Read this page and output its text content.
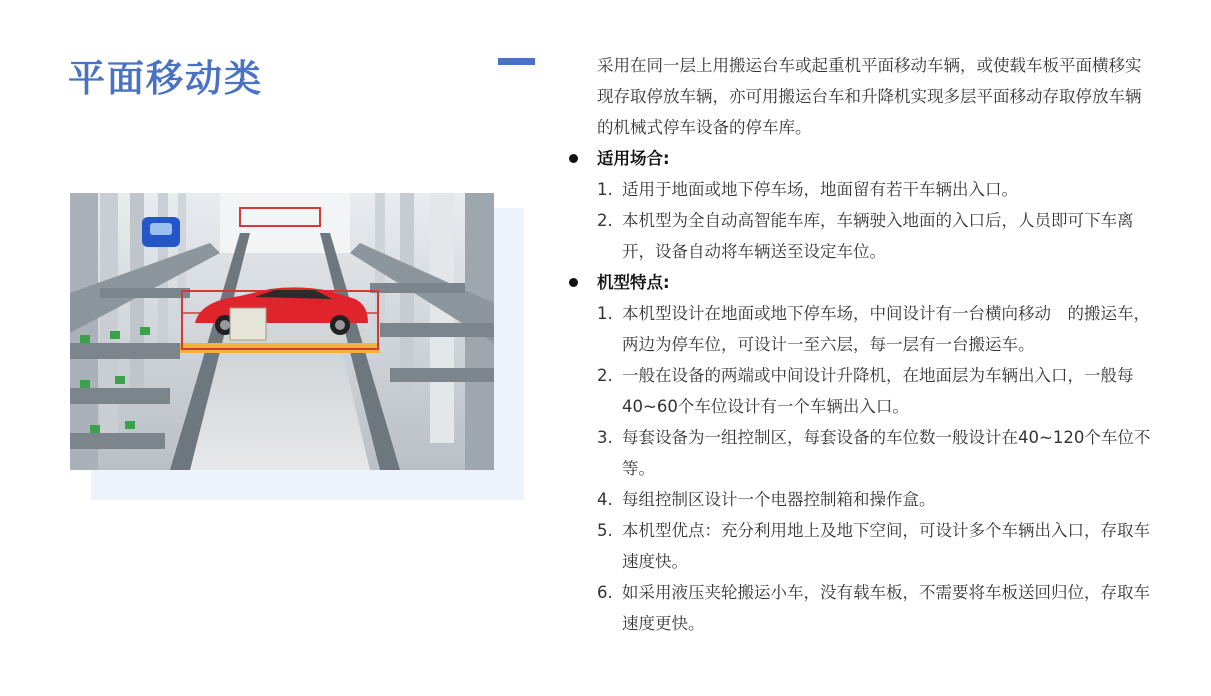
平面移动类	采用在同一层上用搬运台车或起重机平面移动车辆，或使载车板平面横移实现存取停放车辆，亦可用搬运台车和升降机实现多层平面移动存取停放车辆的机械式停车设备的停车库。

适用场合:

1. 适用于地面或地下停车场，地面留有若干车辆出入口。

2. 本机型为全自动高智能车库，车辆驶入地面的入口后，人员即可下车离开，设备自动将车辆送至设定车位。

机型特点:

1. 本机型设计在地面或地下停车场，中间设计有一台横向移动　的搬运车，两边为停车位，可设计一至六层，每一层有一台搬运车。

2. 一般在设备的两端或中间设计升降机，在地面层为车辆出入口，一般每40~60个车位设计有一个车辆出入口。

3. 每套设备为一组控制区，每套设备的车位数一般设计在40~120个车位不等。

4. 每组控制区设计一个电器控制箱和操作盒。

5. 本机型优点：充分利用地上及地下空间，可设计多个车辆出入口，存取车速度快。

6. 如采用液压夹轮搬运小车，没有载车板，不需要将车板送回归位，存取车速度更快。
